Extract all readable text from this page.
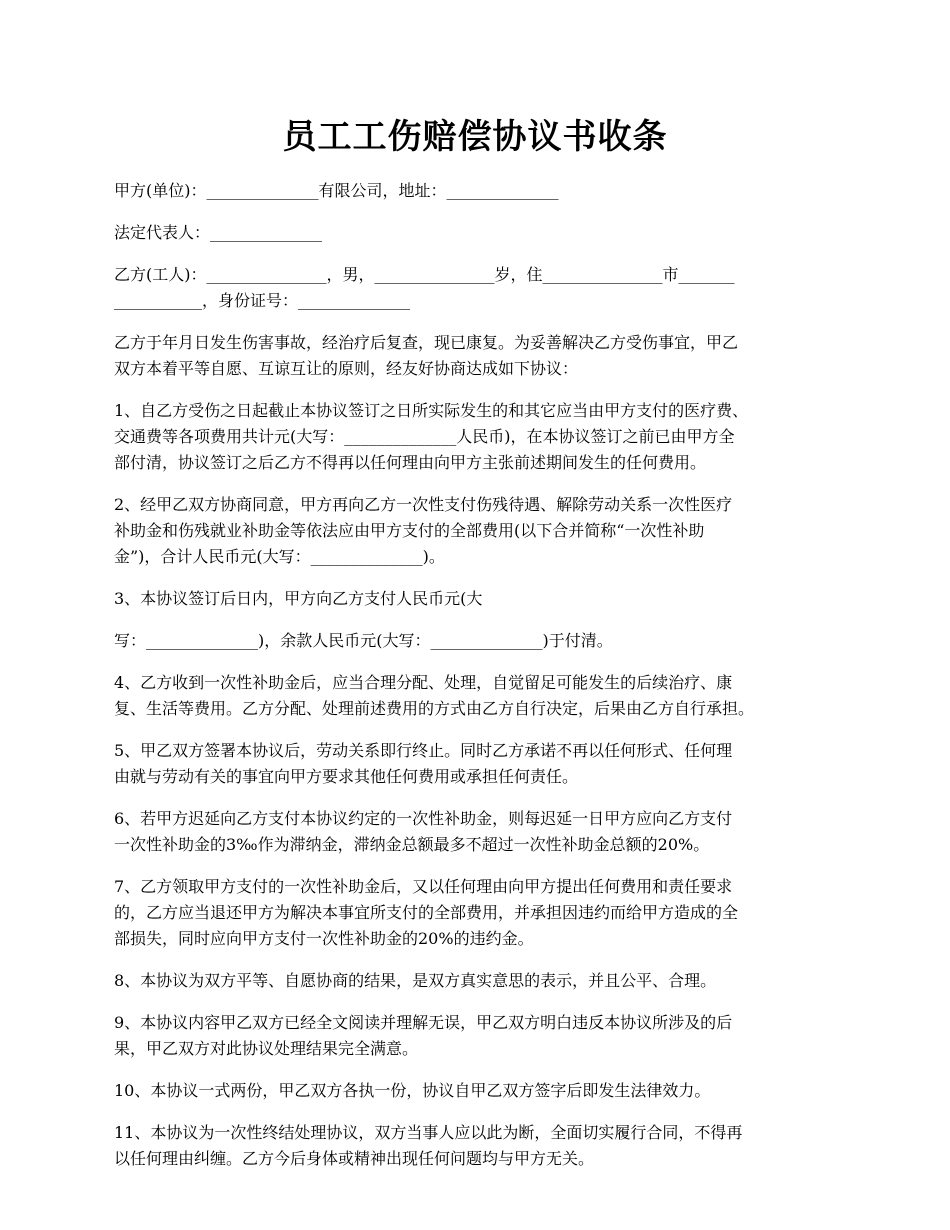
员工工伤赔偿协议书收条

甲方(单位)：______________有限公司，地址：______________

法定代表人：______________

乙方(工人)：_______________，男，_______________岁，住_______________市_______
___________，身份证号：______________

乙方于年月日发生伤害事故，经治疗后复查，现已康复。为妥善解决乙方受伤事宜，甲乙
双方本着平等自愿、互谅互让的原则，经友好协商达成如下协议：

1、自乙方受伤之日起截止本协议签订之日所实际发生的和其它应当由甲方支付的医疗费、
交通费等各项费用共计元(大写：______________人民币)，在本协议签订之前已由甲方全
部付清，协议签订之后乙方不得再以任何理由向甲方主张前述期间发生的任何费用。

2、经甲乙双方协商同意，甲方再向乙方一次性支付伤残待遇、解除劳动关系一次性医疗
补助金和伤残就业补助金等依法应由甲方支付的全部费用(以下合并简称“一次性补助
金”)，合计人民币元(大写：______________)。

3、本协议签订后日内，甲方向乙方支付人民币元(大

写：______________)，余款人民币元(大写：______________)于付清。

4、乙方收到一次性补助金后，应当合理分配、处理，自觉留足可能发生的后续治疗、康
复、生活等费用。乙方分配、处理前述费用的方式由乙方自行决定，后果由乙方自行承担。

5、甲乙双方签署本协议后，劳动关系即行终止。同时乙方承诺不再以任何形式、任何理
由就与劳动有关的事宜向甲方要求其他任何费用或承担任何责任。

6、若甲方迟延向乙方支付本协议约定的一次性补助金，则每迟延一日甲方应向乙方支付
一次性补助金的3‰作为滞纳金，滞纳金总额最多不超过一次性补助金总额的20%。

7、乙方领取甲方支付的一次性补助金后，又以任何理由向甲方提出任何费用和责任要求
的，乙方应当退还甲方为解决本事宜所支付的全部费用，并承担因违约而给甲方造成的全
部损失，同时应向甲方支付一次性补助金的20%的违约金。

8、本协议为双方平等、自愿协商的结果，是双方真实意思的表示，并且公平、合理。

9、本协议内容甲乙双方已经全文阅读并理解无误，甲乙双方明白违反本协议所涉及的后
果，甲乙双方对此协议处理结果完全满意。

10、本协议一式两份，甲乙双方各执一份，协议自甲乙双方签字后即发生法律效力。

11、本协议为一次性终结处理协议，双方当事人应以此为断，全面切实履行合同，不得再
以任何理由纠缠。乙方今后身体或精神出现任何问题均与甲方无关。
